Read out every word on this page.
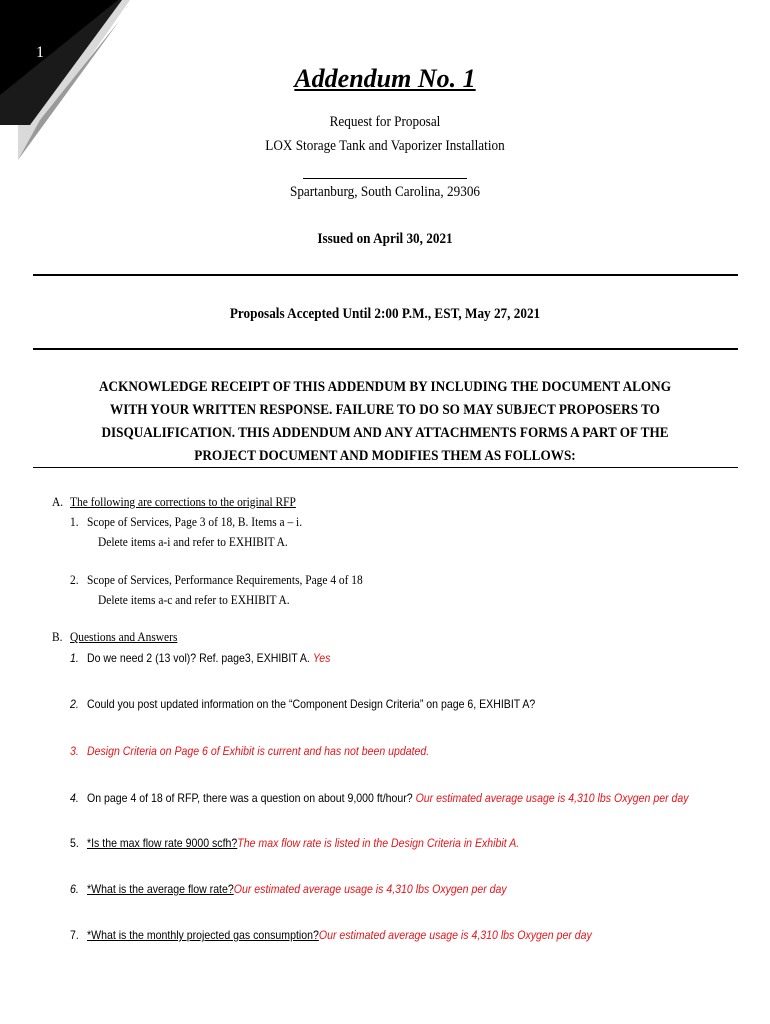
1
Addendum No. 1
Request for Proposal
LOX Storage Tank and Vaporizer Installation
Spartanburg, South Carolina, 29306
Issued on April 30, 2021
Proposals Accepted Until 2:00 P.M., EST, May 27, 2021
ACKNOWLEDGE RECEIPT OF THIS ADDENDUM BY INCLUDING THE DOCUMENT ALONG WITH YOUR WRITTEN RESPONSE. FAILURE TO DO SO MAY SUBJECT PROPOSERS TO DISQUALIFICATION. THIS ADDENDUM AND ANY ATTACHMENTS FORMS A PART OF THE PROJECT DOCUMENT AND MODIFIES THEM AS FOLLOWS:
A. The following are corrections to the original RFP
1. Scope of Services, Page 3 of 18, B. Items a – i.
Delete items a-i and refer to EXHIBIT A.
2. Scope of Services, Performance Requirements, Page 4 of 18
Delete items a-c and refer to EXHIBIT A.
B. Questions and Answers
1. Do we need 2 (13 vol)? Ref. page3, EXHIBIT A. Yes
2. Could you post updated information on the “Component Design Criteria” on page 6, EXHIBIT A?
3. Design Criteria on Page 6 of Exhibit is current and has not been updated.
4. On page 4 of 18 of RFP, there was a question on about 9,000 ft/hour? Our estimated average usage is 4,310 lbs Oxygen per day
5. *Is the max flow rate 9000 scfh?The max flow rate is listed in the Design Criteria in Exhibit A.
6. *What is the average flow rate?Our estimated average usage is 4,310 lbs Oxygen per day
7. *What is the monthly projected gas consumption?Our estimated average usage is 4,310 lbs Oxygen per day
